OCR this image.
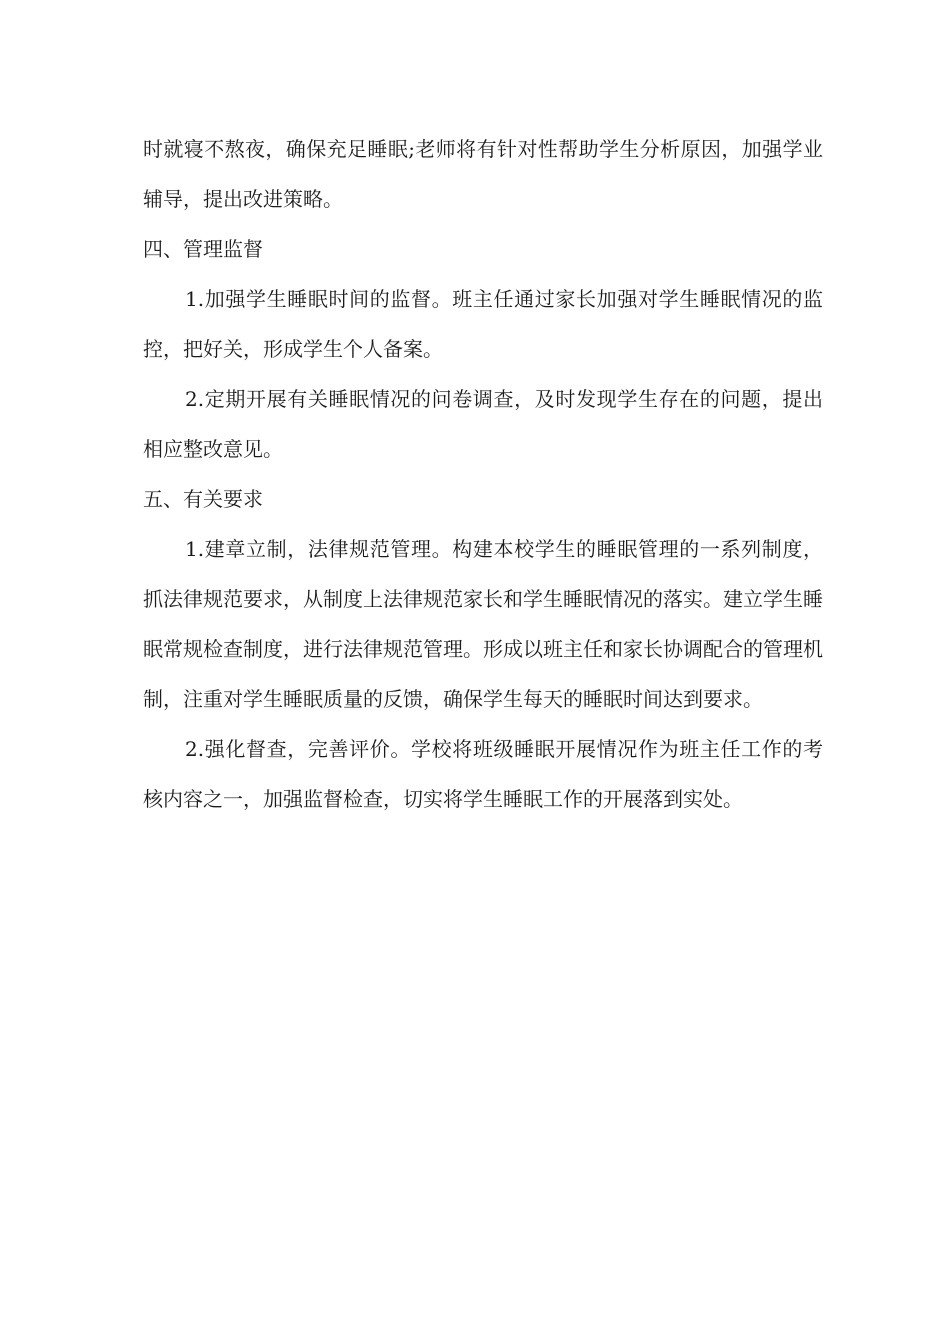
时就寝不熬夜，确保充足睡眠;老师将有针对性帮助学生分析原因，加强学业辅导，提出改进策略。

四、管理监督

1.加强学生睡眠时间的监督。班主任通过家长加强对学生睡眠情况的监控，把好关，形成学生个人备案。

2.定期开展有关睡眠情况的问卷调查，及时发现学生存在的问题，提出相应整改意见。

五、有关要求

1.建章立制，法律规范管理。构建本校学生的睡眠管理的一系列制度，抓法律规范要求，从制度上法律规范家长和学生睡眠情况的落实。建立学生睡眠常规检查制度，进行法律规范管理。形成以班主任和家长协调配合的管理机制，注重对学生睡眠质量的反馈，确保学生每天的睡眠时间达到要求。

2.强化督查，完善评价。学校将班级睡眠开展情况作为班主任工作的考核内容之一，加强监督检查，切实将学生睡眠工作的开展落到实处。
